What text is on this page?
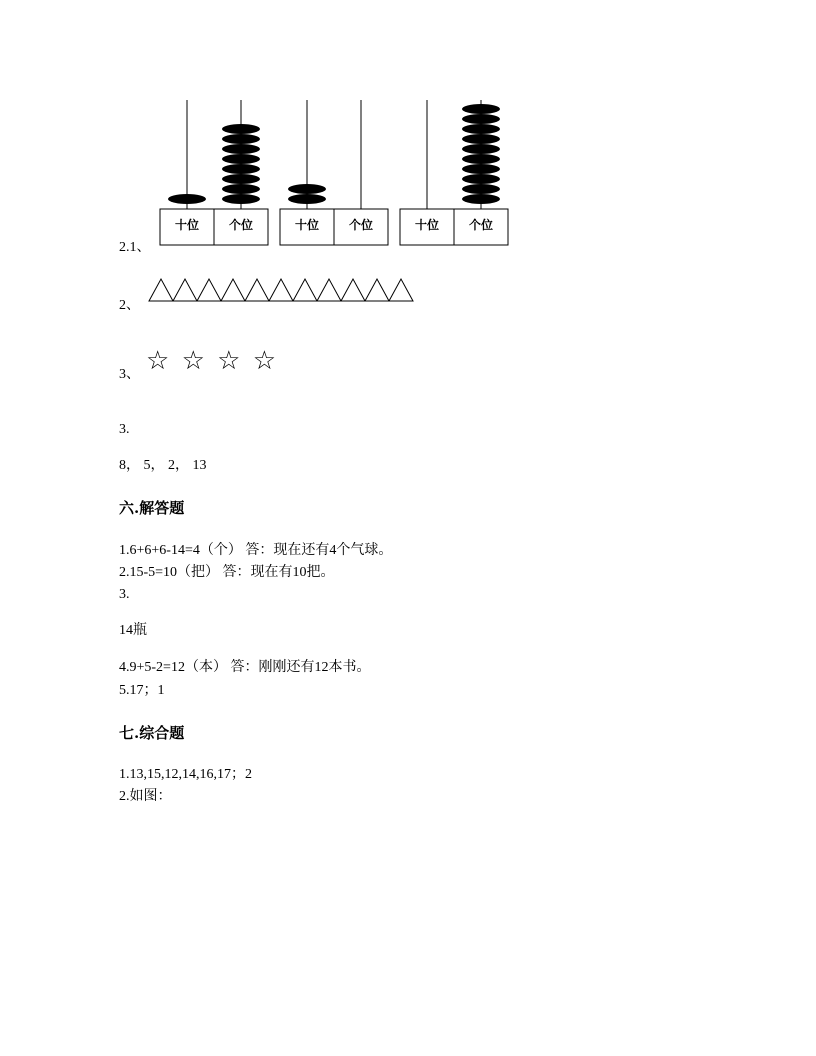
十位 个位	十位 个位	十位 个位
2.1、
2、
☆ ☆ ☆ ☆
3、
3.
8， 5， 2， 13
六.解答题
1.6+6+6-14=4（个） 答：现在还有4个气球。
2.15-5=10（把） 答：现在有10把。
3.
14瓶
4.9+5-2=12（本） 答：刚刚还有12本书。
5.17；1
七.综合题
1.13,15,12,14,16,17；2
2.如图：
